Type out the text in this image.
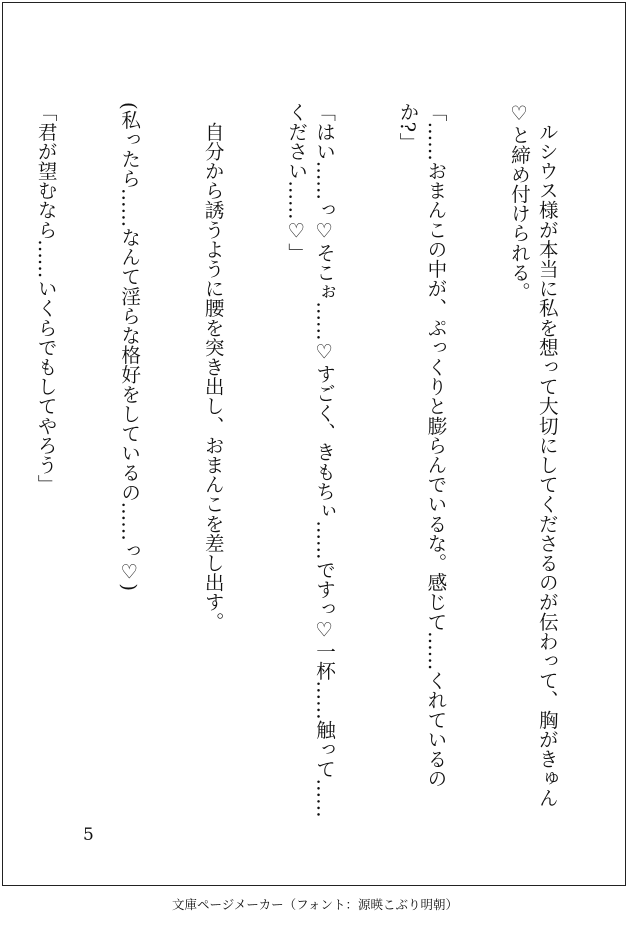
　ルシウス様が本当に私を想って大切にしてくださるのが伝わって、胸がきゅん
♡と締め付けられる。

「……おまんこの中が、ぷっくりと膨らんでいるな。感じて……くれているの
か?」

「はい……っ♡そこぉ……♡すごく、きもちぃ……ですっ♡一杯……触って……
ください……♡」

　自分から誘うように腰を突き出し、おまんこを差し出す。

(私ったら……なんて淫らな格好をしているの……っ♡)

「君が望むなら……いくらでもしてやろう」

5
文庫ページメーカー（フォント：源暎こぶり明朝）
